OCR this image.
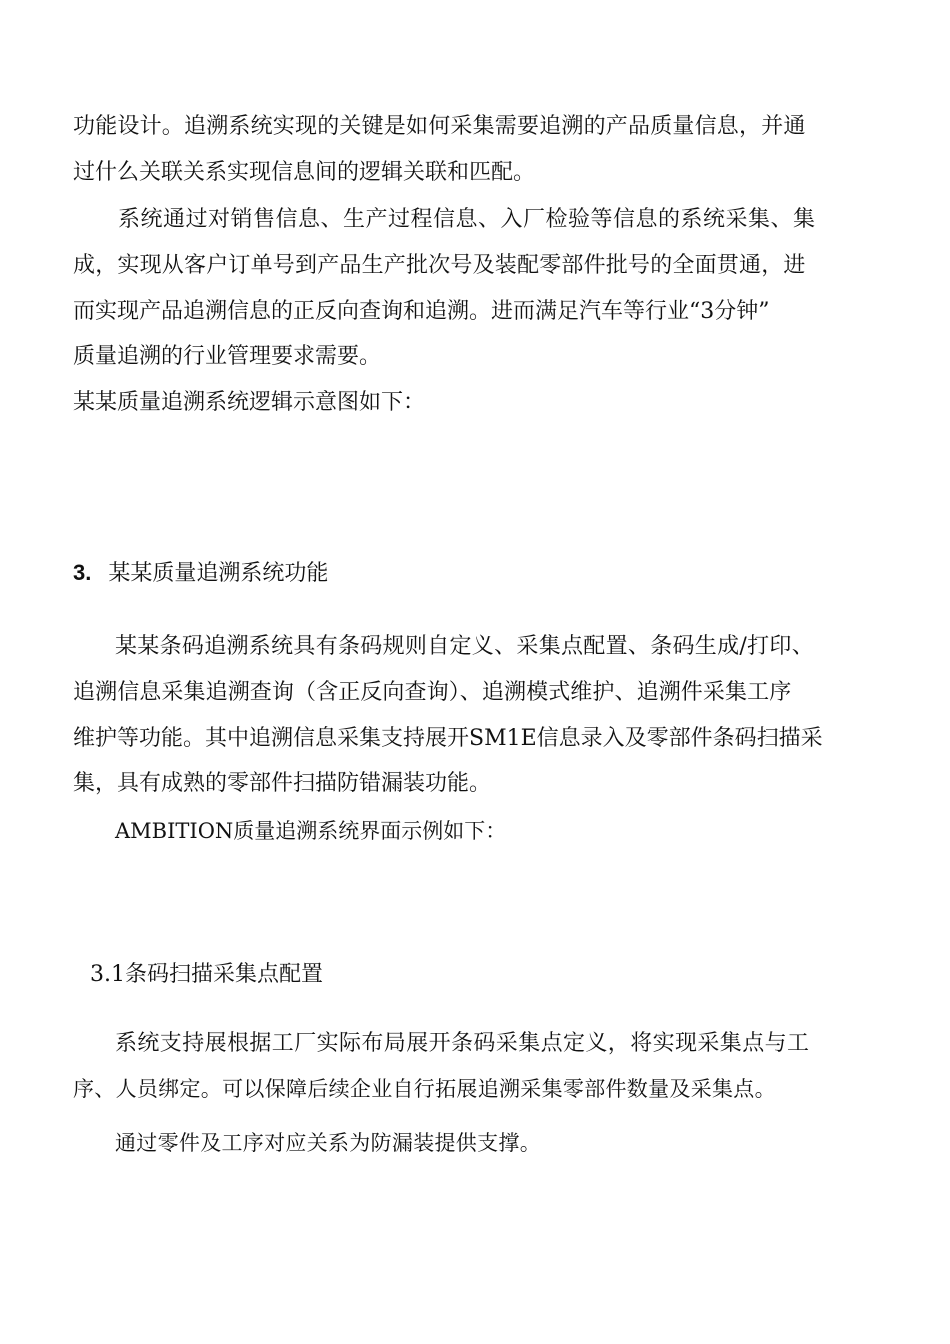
功能设计。追溯系统实现的关键是如何采集需要追溯的产品质量信息，并通

过什么关联关系实现信息间的逻辑关联和匹配。

系统通过对销售信息、生产过程信息、入厂检验等信息的系统采集、集

成，实现从客户订单号到产品生产批次号及装配零部件批号的全面贯通，进

而实现产品追溯信息的正反向查询和追溯。进而满足汽车等行业“3分钟”

质量追溯的行业管理要求需要。

某某质量追溯系统逻辑示意图如下：

3. 某某质量追溯系统功能

某某条码追溯系统具有条码规则自定义、采集点配置、条码生成/打印、

追溯信息采集追溯查询（含正反向查询）、追溯模式维护、追溯件采集工序

维护等功能。其中追溯信息采集支持展开SM1E信息录入及零部件条码扫描采

集，具有成熟的零部件扫描防错漏装功能。

AMBITION质量追溯系统界面示例如下：

3.1条码扫描采集点配置

系统支持展根据工厂实际布局展开条码采集点定义，将实现采集点与工

序、人员绑定。可以保障后续企业自行拓展追溯采集零部件数量及采集点。

通过零件及工序对应关系为防漏装提供支撑。
